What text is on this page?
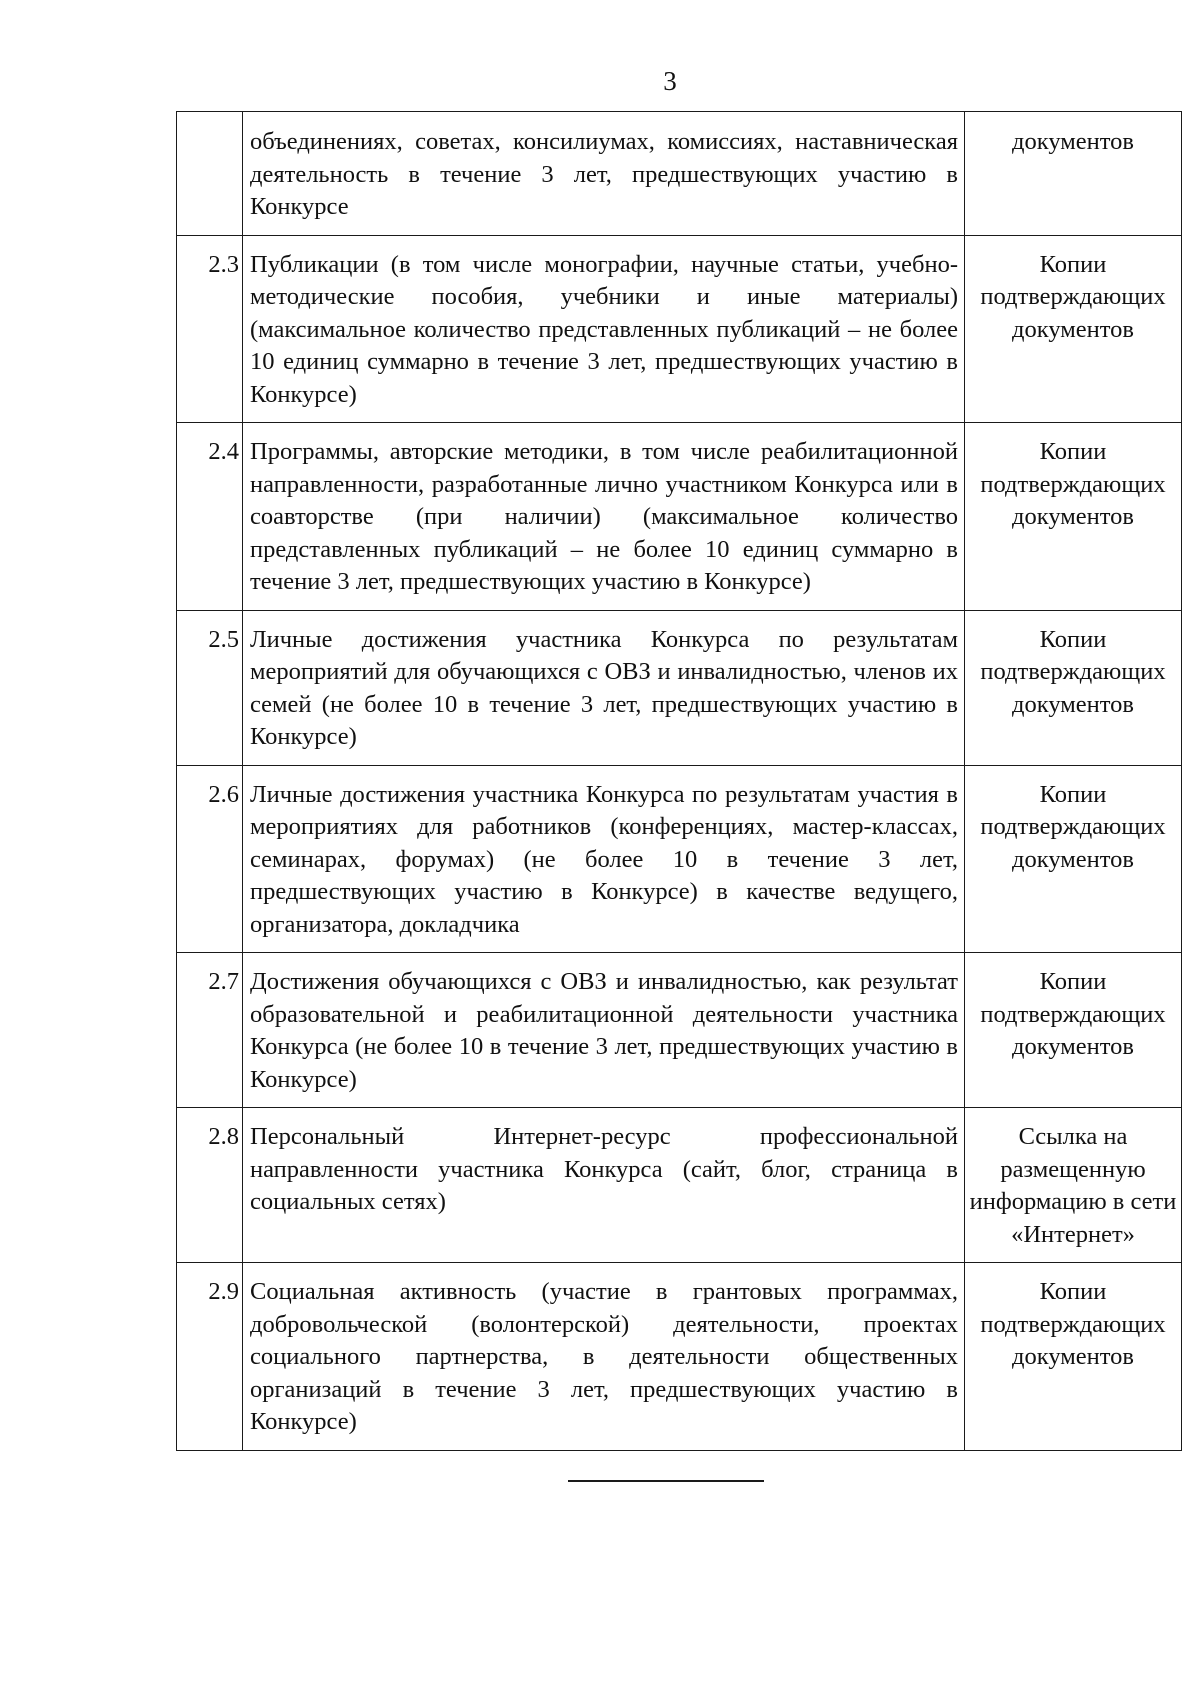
3
	объединениях, советах, консилиумах, комиссиях, наставническая деятельность в течение 3 лет, предшествующих участию в Конкурсе	документов
2.3	Публикации (в том числе монографии, научные статьи, учебно-методические пособия, учебники и иные материалы) (максимальное количество представленных публикаций – не более 10 единиц суммарно в течение 3 лет, предшествующих участию в Конкурсе)	Копии подтверждающих документов
2.4	Программы, авторские методики, в том числе реабилитационной направленности, разработанные лично участником Конкурса или в соавторстве (при наличии) (максимальное количество представленных публикаций – не более 10 единиц суммарно в течение 3 лет, предшествующих участию в Конкурсе)	Копии подтверждающих документов
2.5	Личные достижения участника Конкурса по результатам мероприятий для обучающихся с ОВЗ и инвалидностью, членов их семей (не более 10 в течение 3 лет, предшествующих участию в Конкурсе)	Копии подтверждающих документов
2.6	Личные достижения участника Конкурса по результатам участия в мероприятиях для работников (конференциях, мастер-классах, семинарах, форумах) (не более 10 в течение 3 лет, предшествующих участию в Конкурсе) в качестве ведущего, организатора, докладчика	Копии подтверждающих документов
2.7	Достижения обучающихся с ОВЗ и инвалидностью, как результат образовательной и реабилитационной деятельности участника Конкурса (не более 10 в течение 3 лет, предшествующих участию в Конкурсе)	Копии подтверждающих документов
2.8	Персональный Интернет-ресурс профессиональной направленности участника Конкурса (сайт, блог, страница в социальных сетях)	Ссылка на размещенную информацию в сети «Интернет»
2.9	Социальная активность (участие в грантовых программах, добровольческой (волонтерской) деятельности, проектах социального партнерства, в деятельности общественных организаций в течение 3 лет, предшествующих участию в Конкурсе)	Копии подтверждающих документов
